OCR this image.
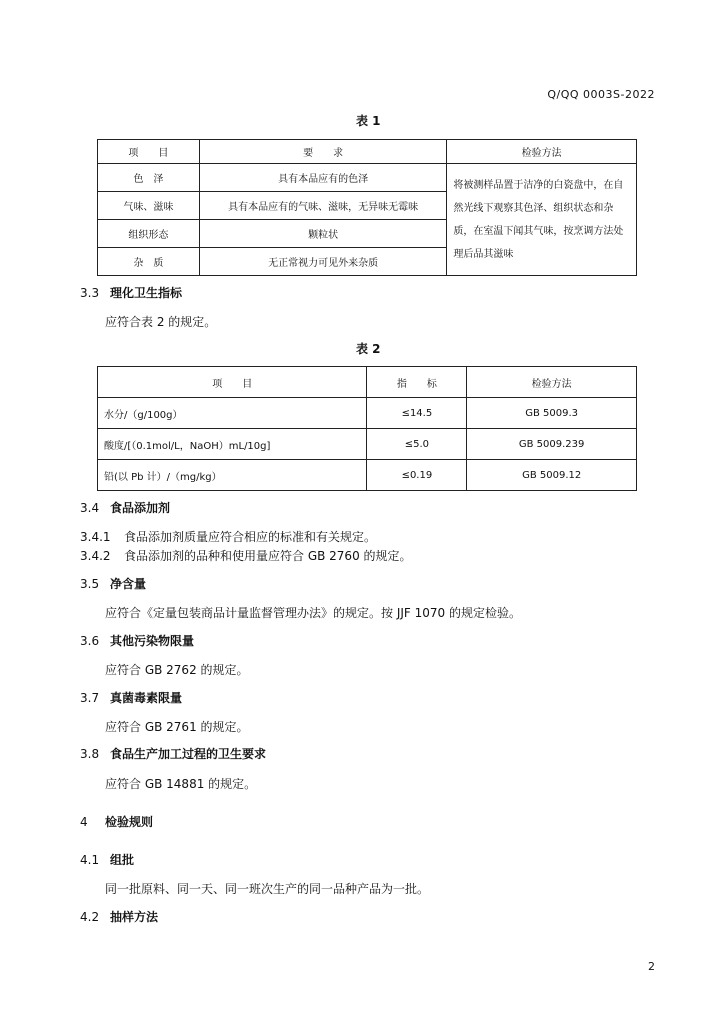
Q/QQ 0003S-2022
表 1
项　　目	要　　求	检验方法
色　泽	具有本品应有的色泽	将被测样品置于洁净的白瓷盘中，在自然光线下观察其色泽、组织状态和杂质，在室温下闻其气味，按烹调方法处理后品其滋味
气味、滋味	具有本品应有的气味、滋味，无异味无霉味	
组织形态	颗粒状	
杂　质	无正常视力可见外来杂质	
3.3 理化卫生指标
应符合表 2 的规定。
表 2
项　　目	指　　标	检验方法
水分/（g/100g）	≤14.5	GB 5009.3
酸度/[（0.1mol/L，NaOH）mL/10g]	≤5.0	GB 5009.239
铅(以 Pb 计）/（mg/kg）	≤0.19	GB 5009.12
3.4 食品添加剂
3.4.1 食品添加剂质量应符合相应的标准和有关规定。
3.4.2 食品添加剂的品种和使用量应符合 GB 2760 的规定。
3.5 净含量
应符合《定量包装商品计量监督管理办法》的规定。按 JJF 1070 的规定检验。
3.6 其他污染物限量
应符合 GB 2762 的规定。
3.7 真菌毒素限量
应符合 GB 2761 的规定。
3.8 食品生产加工过程的卫生要求
应符合 GB 14881 的规定。
4 检验规则
4.1 组批
同一批原料、同一天、同一班次生产的同一品种产品为一批。
4.2 抽样方法
2
